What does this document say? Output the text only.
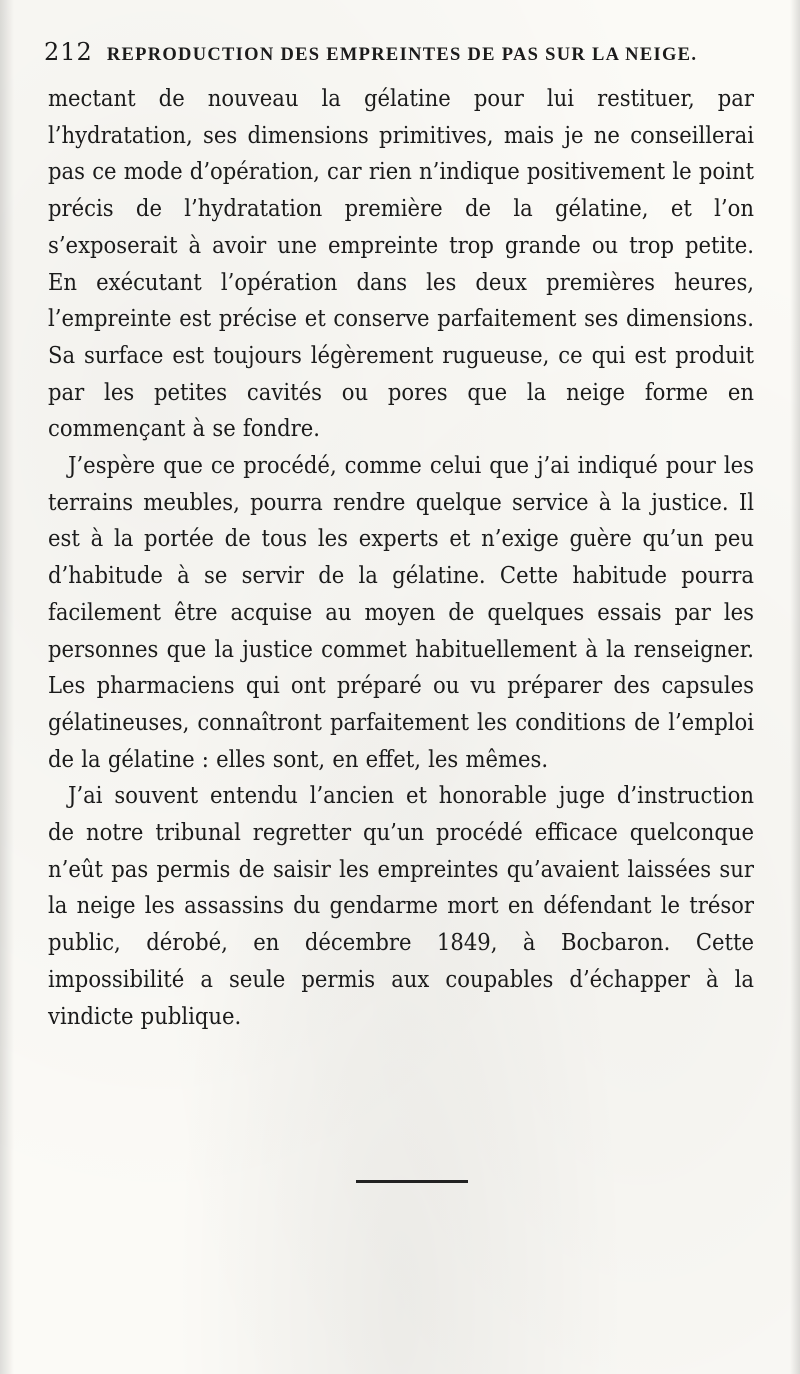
212 REPRODUCTION DES EMPREINTES DE PAS SUR LA NEIGE.

mectant de nouveau la gélatine pour lui restituer, par l’hydratation, ses dimensions primitives, mais je ne conseillerai pas ce mode d’opération, car rien n’indique positivement le point précis de l’hydratation première de la gélatine, et l’on s’exposerait à avoir une empreinte trop grande ou trop petite. En exécutant l’opération dans les deux premières heures, l’empreinte est précise et conserve parfaitement ses dimensions. Sa surface est toujours légèrement rugueuse, ce qui est produit par les petites cavités ou pores que la neige forme en commençant à se fondre.

J’espère que ce procédé, comme celui que j’ai indiqué pour les terrains meubles, pourra rendre quelque service à la justice. Il est à la portée de tous les experts et n’exige guère qu’un peu d’habitude à se servir de la gélatine. Cette habitude pourra facilement être acquise au moyen de quelques essais par les personnes que la justice commet habituellement à la renseigner. Les pharmaciens qui ont préparé ou vu préparer des capsules gélatineuses, connaîtront parfaitement les conditions de l’emploi de la gélatine : elles sont, en effet, les mêmes.

J’ai souvent entendu l’ancien et honorable juge d’instruction de notre tribunal regretter qu’un procédé efficace quelconque n’eût pas permis de saisir les empreintes qu’avaient laissées sur la neige les assassins du gendarme mort en défendant le trésor public, dérobé, en décembre 1849, à Bocbaron. Cette impossibilité a seule permis aux coupables d’échapper à la vindicte publique.
